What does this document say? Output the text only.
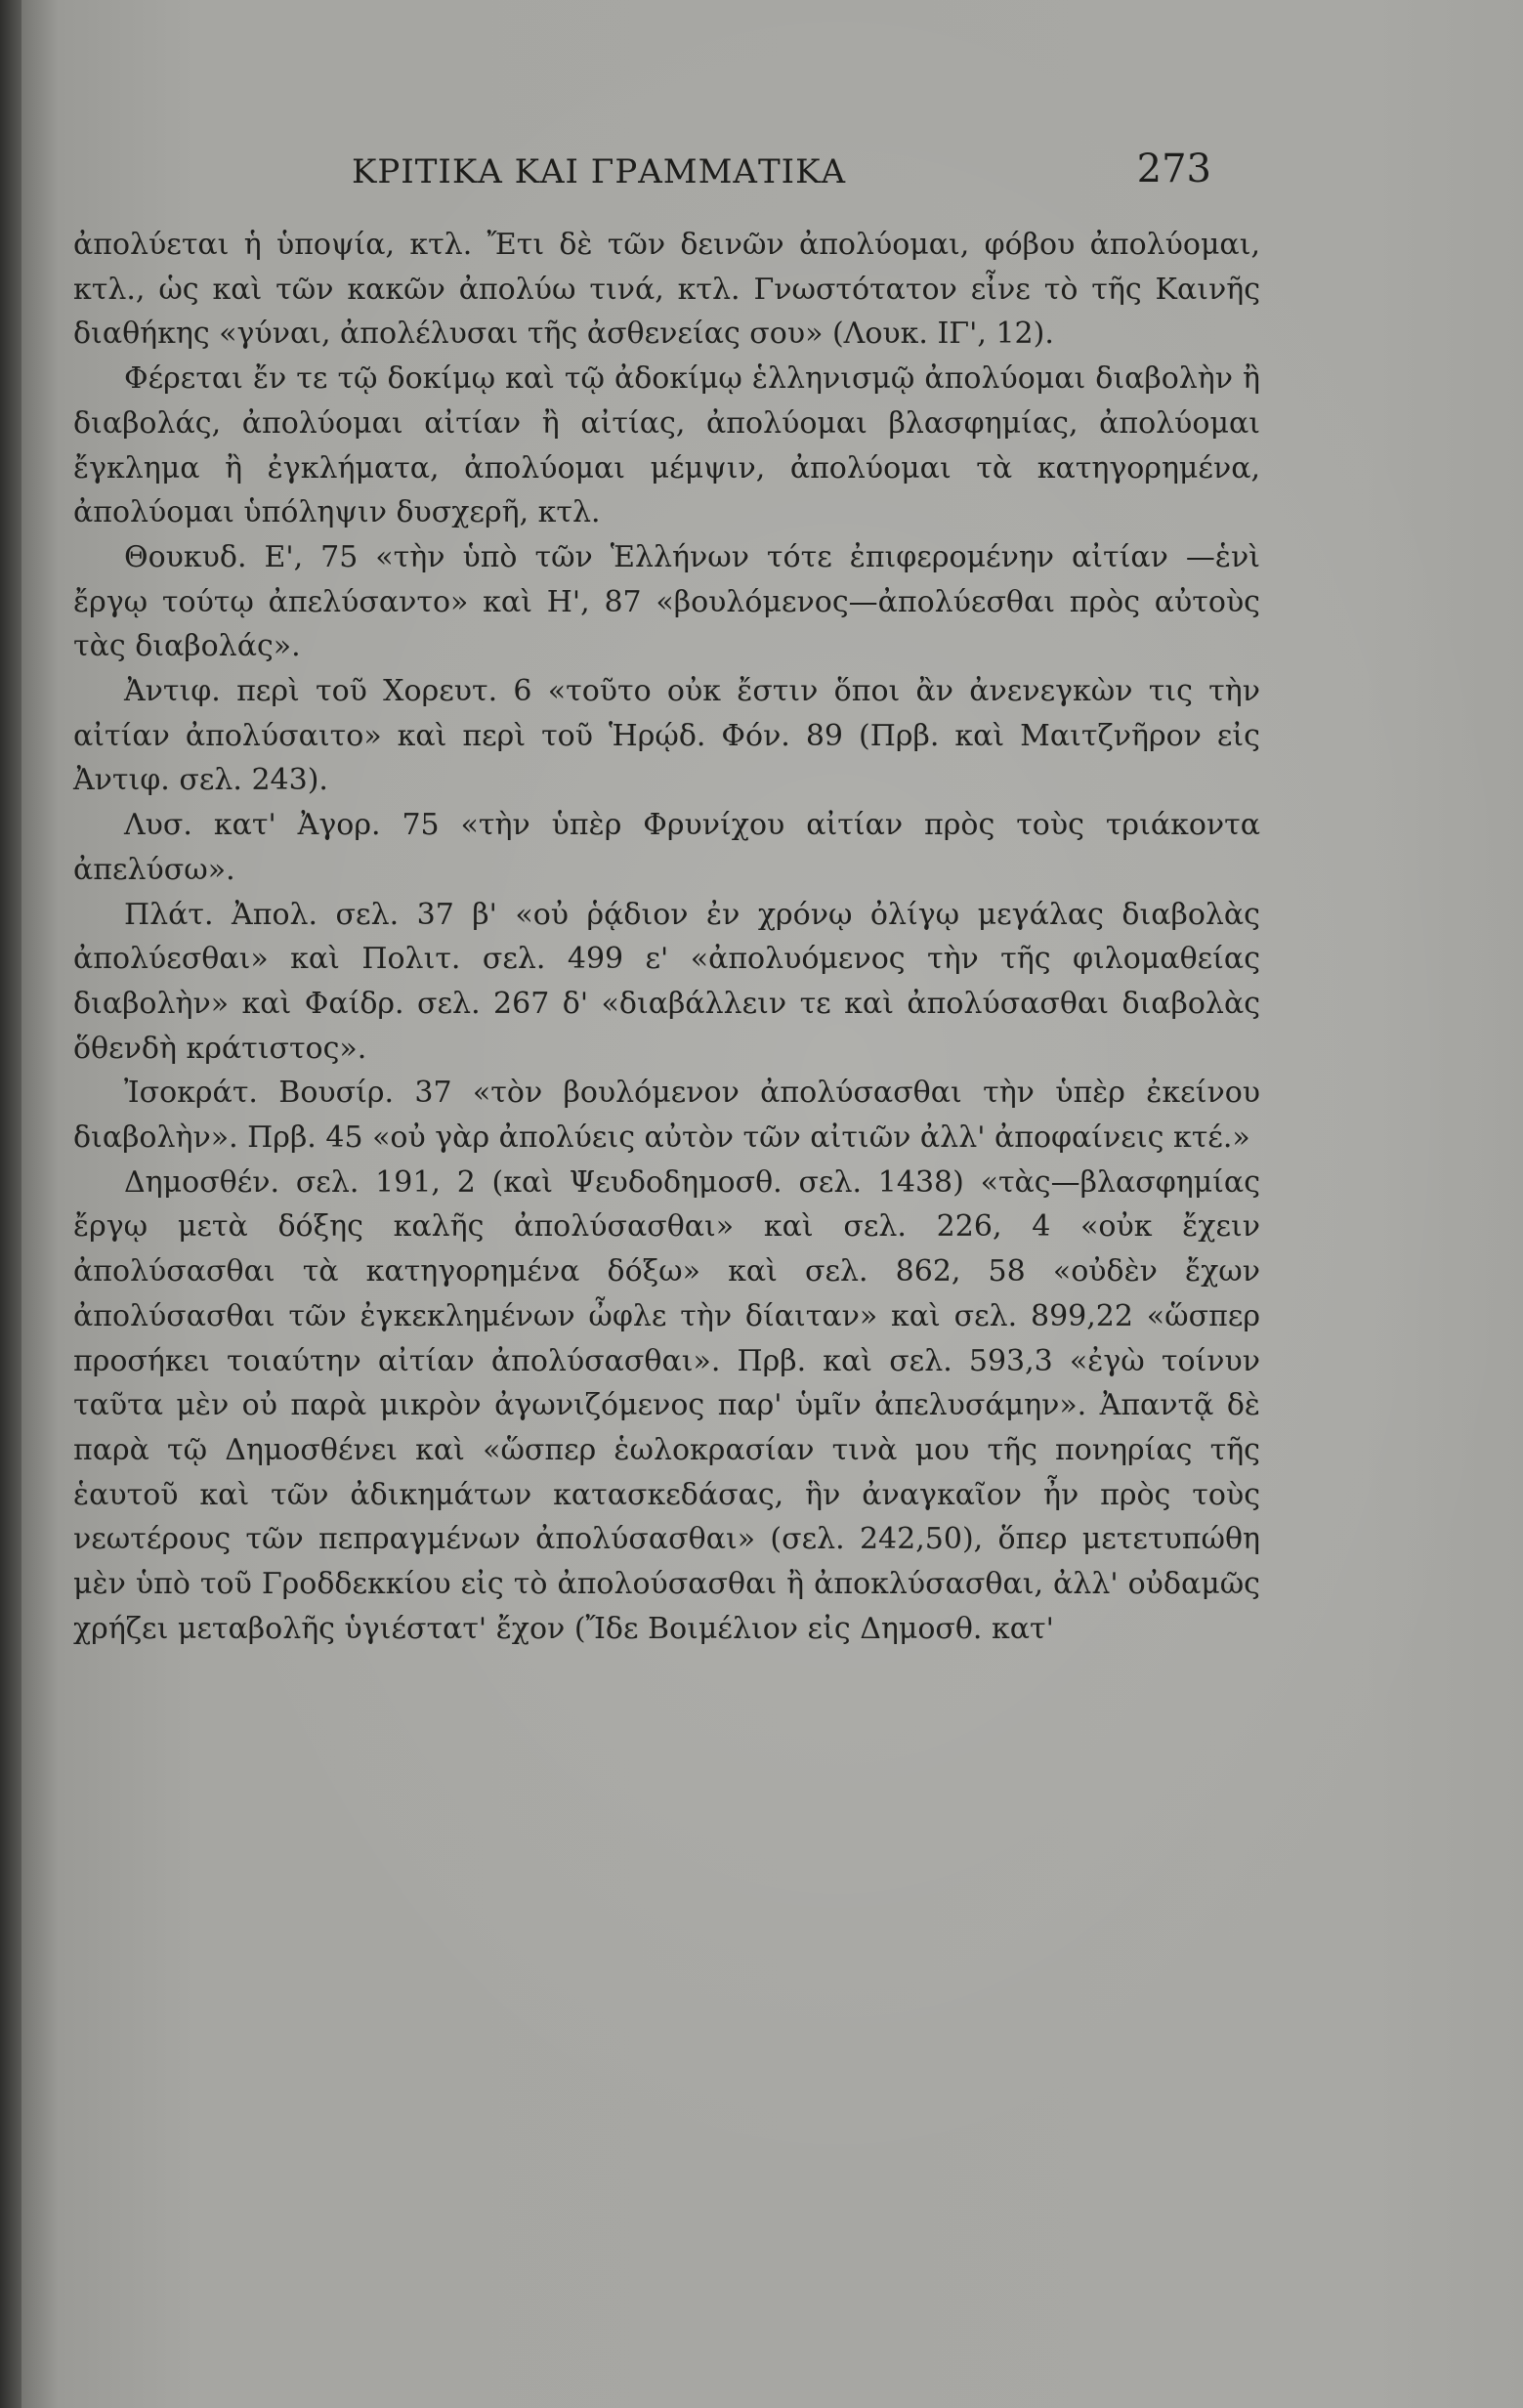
ΚΡΙΤΙΚΑ ΚΑΙ ΓΡΑΜΜΑΤΙΚΑ	273

ἀπολύεται ἡ ὑποψία, κτλ. Ἔτι δὲ τῶν δεινῶν ἀπολύομαι, φόβου ἀπολύομαι, κτλ., ὡς καὶ τῶν κακῶν ἀπολύω τινά, κτλ. Γνωστότατον εἶνε τὸ τῆς Καινῆς διαθήκης «γύναι, ἀπολέλυσαι τῆς ἀσθενείας σου» (Λουκ. ΙΓ', 12).

Φέρεται ἔν τε τῷ δοκίμῳ καὶ τῷ ἀδοκίμῳ ἑλληνισμῷ ἀπολύομαι διαβολὴν ἢ διαβολάς, ἀπολύομαι αἰτίαν ἢ αἰτίας, ἀπολύομαι βλασφημίας, ἀπολύομαι ἔγκλημα ἢ ἐγκλήματα, ἀπολύομαι μέμψιν, ἀπολύομαι τὰ κατηγορημένα, ἀπολύομαι ὑπόληψιν δυσχερῆ, κτλ.

Θουκυδ. Ε', 75 «τὴν ὑπὸ τῶν Ἑλλήνων τότε ἐπιφερομένην αἰτίαν —ἑνὶ ἔργῳ τούτῳ ἀπελύσαντο» καὶ Η', 87 «βουλόμενος—ἀπολύεσθαι πρὸς αὐτοὺς τὰς διαβολάς».

Ἀντιφ. περὶ τοῦ Χορευτ. 6 «τοῦτο οὐκ ἔστιν ὅποι ἂν ἀνενεγκὼν τις τὴν αἰτίαν ἀπολύσαιτο» καὶ περὶ τοῦ Ἡρῴδ. Φόν. 89 (Πρβ. καὶ Μαιτζνῆρον εἰς Ἀντιφ. σελ. 243).

Λυσ. κατ' Ἀγορ. 75 «τὴν ὑπὲρ Φρυνίχου αἰτίαν πρὸς τοὺς τριάκοντα ἀπελύσω».

Πλάτ. Ἀπολ. σελ. 37 β' «οὐ ῥᾴδιον ἐν χρόνῳ ὀλίγῳ μεγάλας διαβολὰς ἀπολύεσθαι» καὶ Πολιτ. σελ. 499 ε' «ἀπολυόμενος τὴν τῆς φιλομαθείας διαβολὴν» καὶ Φαίδρ. σελ. 267 δ' «διαβάλλειν τε καὶ ἀπολύσασθαι διαβολὰς ὅθενδὴ κράτιστος».

Ἰσοκράτ. Βουσίρ. 37 «τὸν βουλόμενον ἀπολύσασθαι τὴν ὑπὲρ ἐκείνου διαβολὴν». Πρβ. 45 «οὐ γὰρ ἀπολύεις αὐτὸν τῶν αἰτιῶν ἀλλ' ἀποφαίνεις κτέ.»

Δημοσθέν. σελ. 191, 2 (καὶ Ψευδοδημοσθ. σελ. 1438) «τὰς—βλασφημίας ἔργῳ μετὰ δόξης καλῆς ἀπολύσασθαι» καὶ σελ. 226, 4 «οὐκ ἔχειν ἀπολύσασθαι τὰ κατηγορημένα δόξω» καὶ σελ. 862, 58 «οὐδὲν ἔχων ἀπολύσασθαι τῶν ἐγκεκλημένων ὦφλε τὴν δίαιταν» καὶ σελ. 899,22 «ὥσπερ προσήκει τοιαύτην αἰτίαν ἀπολύσασθαι». Πρβ. καὶ σελ. 593,3 «ἐγὼ τοίνυν ταῦτα μὲν οὐ παρὰ μικρὸν ἀγωνιζόμενος παρ' ὑμῖν ἀπελυσάμην». Ἀπαντᾷ δὲ παρὰ τῷ Δημοσθένει καὶ «ὥσπερ ἑωλοκρασίαν τινὰ μου τῆς πονηρίας τῆς ἑαυτοῦ καὶ τῶν ἀδικημάτων κατασκεδάσας, ἣν ἀναγκαῖον ἦν πρὸς τοὺς νεωτέρους τῶν πεπραγμένων ἀπολύσασθαι» (σελ. 242,50), ὅπερ μετετυπώθη μὲν ὑπὸ τοῦ Γροδδεκκίου εἰς τὸ ἀπολούσασθαι ἢ ἀποκλύσασθαι, ἀλλ' οὐδαμῶς χρήζει μεταβολῆς ὑγιέστατ' ἔχον (Ἴδε Βοιμέλιον εἰς Δημοσθ. κατ'
